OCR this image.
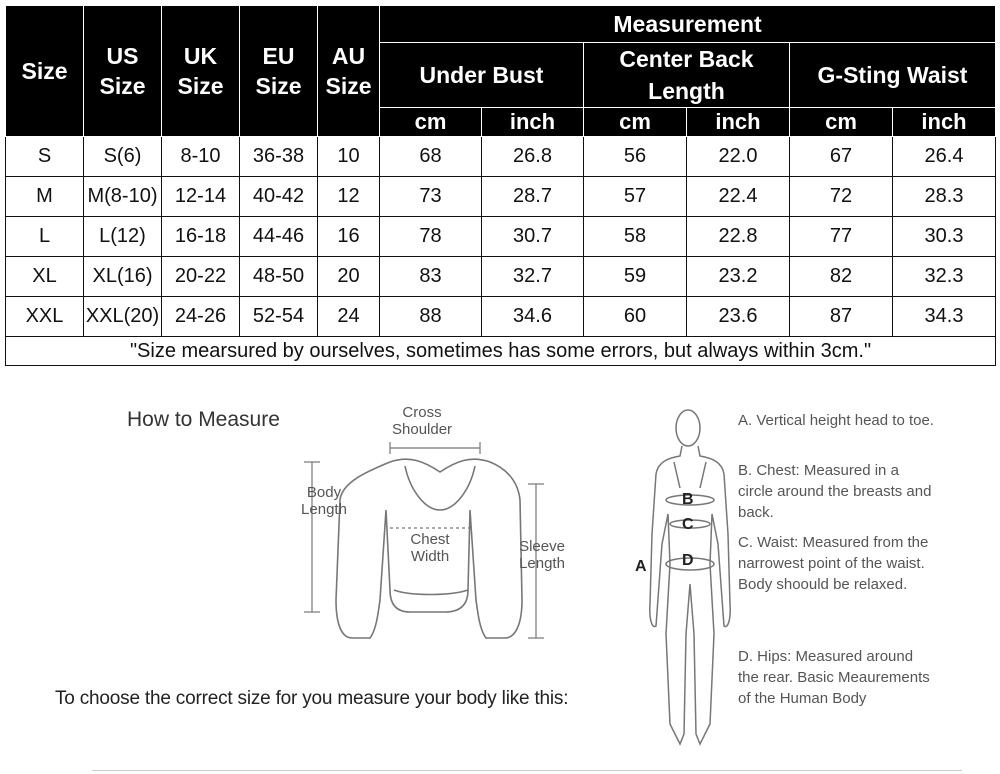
Size	US Size	UK Size	EU Size	AU Size	Measurement					
					Under Bust		Center Back Length		G-Sting Waist	
					cm	inch	cm	inch	cm	inch
S	S(6)	8-10	36-38	10	68	26.8	56	22.0	67	26.4
M	M(8-10)	12-14	40-42	12	73	28.7	57	22.4	72	28.3
L	L(12)	16-18	44-46	16	78	30.7	58	22.8	77	30.3
XL	XL(16)	20-22	48-50	20	83	32.7	59	23.2	82	32.3
XXL	XXL(20)	24-26	52-54	24	88	34.6	60	23.6	87	34.3
"Size mearsured by ourselves, sometimes has some errors, but always within 3cm."										
How to Measure	Cross Shoulder
Body Length
Chest Width
Sleeve Length	A
B
C
D
A. Vertical height head to toe.
B. Chest: Measured in a circle around the breasts and back.
C. Waist: Measured from the narrowest point of the waist. Body shoould be relaxed.
D. Hips: Measured around the rear. Basic Meaurements of the Human Body
To choose the correct size for you measure your body like this:
